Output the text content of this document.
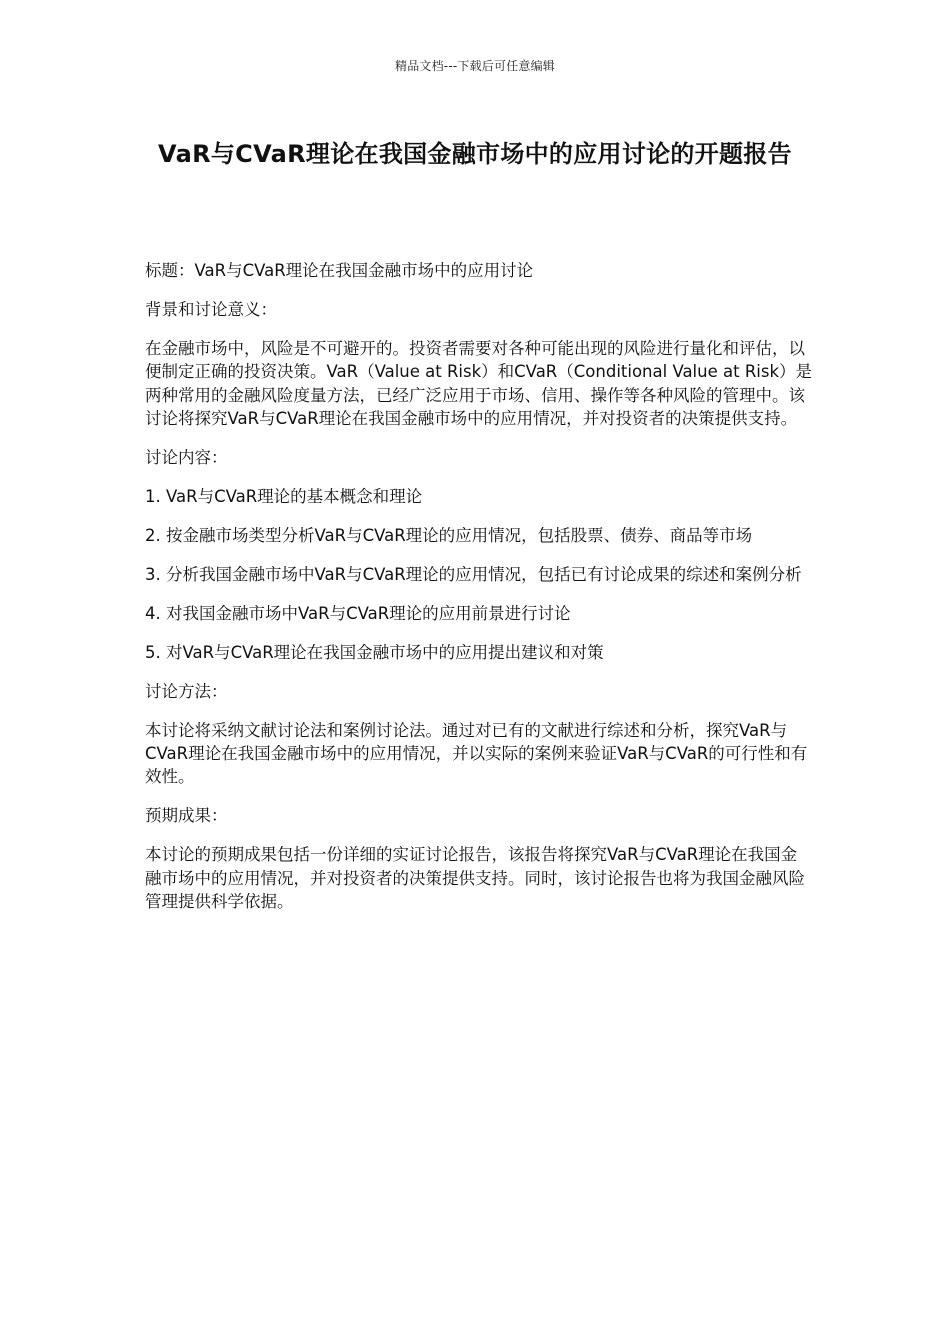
精品文档---下载后可任意编辑
VaR与CVaR理论在我国金融市场中的应用讨论的开题报告

标题：VaR与CVaR理论在我国金融市场中的应用讨论

背景和讨论意义：

在金融市场中，风险是不可避开的。投资者需要对各种可能出现的风险进行量化和评估，以便制定正确的投资决策。VaR（Value at Risk）和CVaR（Conditional Value at Risk）是两种常用的金融风险度量方法，已经广泛应用于市场、信用、操作等各种风险的管理中。该讨论将探究VaR与CVaR理论在我国金融市场中的应用情况，并对投资者的决策提供支持。

讨论内容：

1. VaR与CVaR理论的基本概念和理论

2. 按金融市场类型分析VaR与CVaR理论的应用情况，包括股票、债券、商品等市场

3. 分析我国金融市场中VaR与CVaR理论的应用情况，包括已有讨论成果的综述和案例分析

4. 对我国金融市场中VaR与CVaR理论的应用前景进行讨论

5. 对VaR与CVaR理论在我国金融市场中的应用提出建议和对策

讨论方法：

本讨论将采纳文献讨论法和案例讨论法。通过对已有的文献进行综述和分析，探究VaR与CVaR理论在我国金融市场中的应用情况，并以实际的案例来验证VaR与CVaR的可行性和有效性。

预期成果：

本讨论的预期成果包括一份详细的实证讨论报告，该报告将探究VaR与CVaR理论在我国金融市场中的应用情况，并对投资者的决策提供支持。同时，该讨论报告也将为我国金融风险管理提供科学依据。
